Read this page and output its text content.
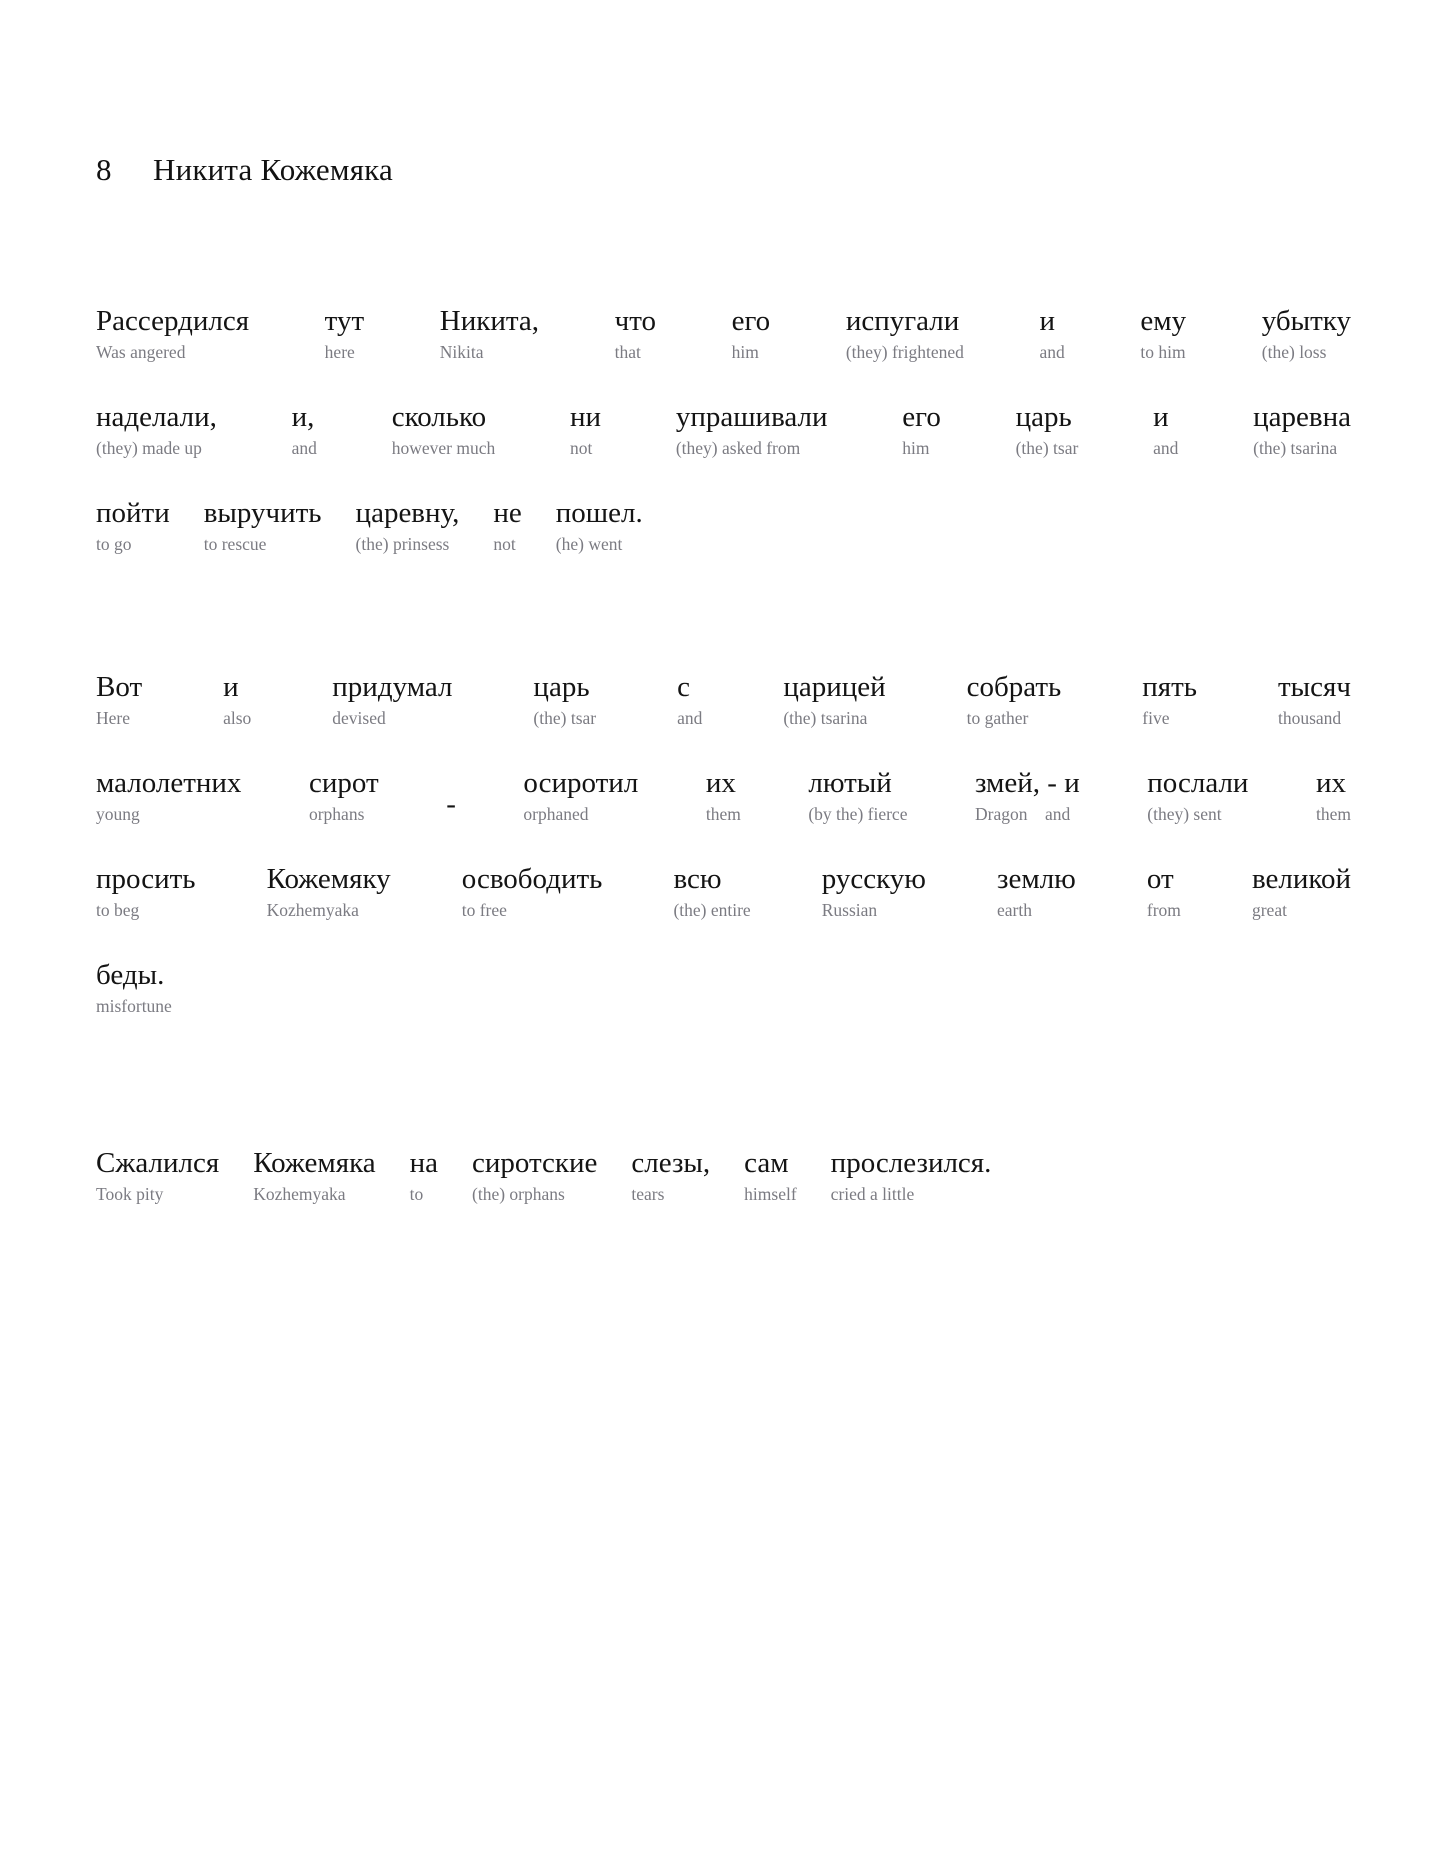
8	Никита Кожемяка
Рассердился
Was angered
тут
here
Никита,
Nikita
что
that
его
him
испугали
(they) frightened
и
and
ему
to him
убытку
(the) loss
наделали,
(they) made up
и,
and
сколько
however much
ни
not
упрашивали
(they) asked from
его
him
царь
(the) tsar
и
and
царевна
(the) tsarina
пойти
to go
выручить
to rescue
царевну,
(the) prinsess
не
not
пошел.
(he) went
Вот
Here
и
also
придумал
devised
царь
(the) tsar
с
and
царицей
(the) tsarina
собрать
to gather
пять
five
тысяч
thousand
малолетних
young
сирот
orphans	-
осиротил
orphaned
их
them
лютый
(by the) fierce
змей, - и
Dragon    and
послали
(they) sent
их
them
просить
to beg
Кожемяку
Kozhemyaka
освободить
to free
всю
(the) entire
русскую
Russian
землю
earth
от
from
великой
great
беды.
misfortune
Сжалился
Took pity
Кожемяка
Kozhemyaka
на
to
сиротские
(the) orphans
слезы,
tears
сам
himself
прослезился.
cried a little
